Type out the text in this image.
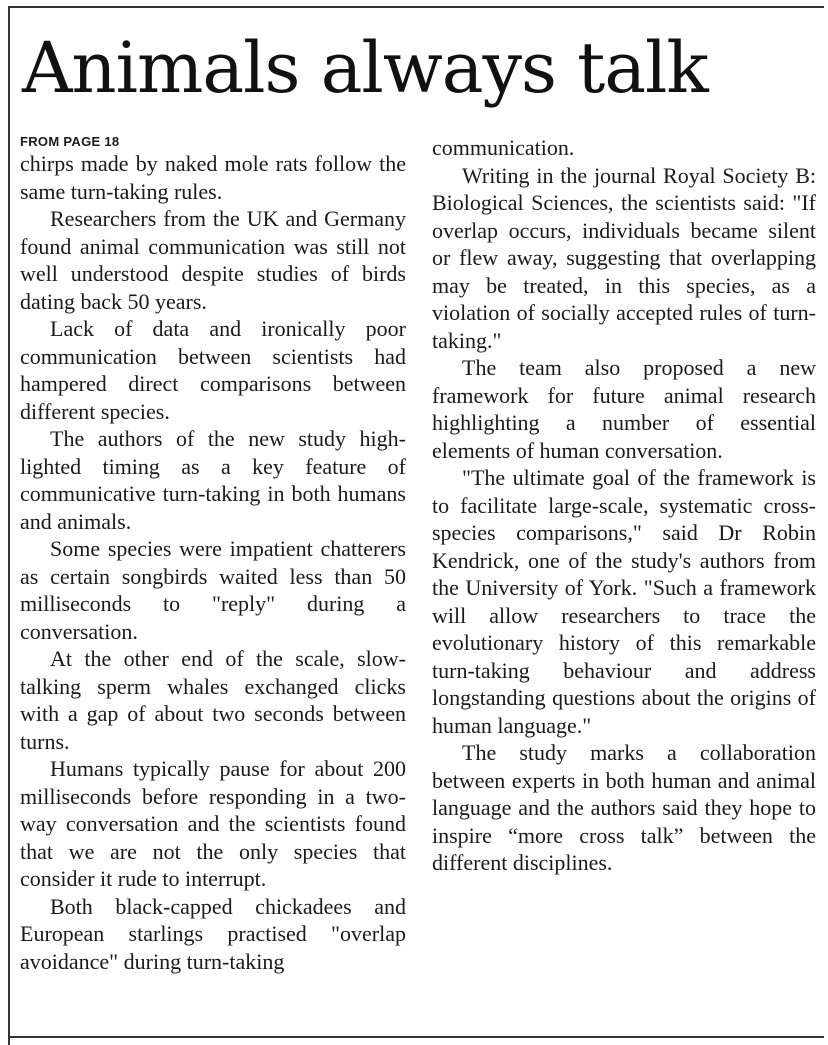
Animals always talk
FROM PAGE 18

chirps made by naked mole rats follow the same turn-taking rules.

Researchers from the UK and Germany found animal communication was still not well understood despite studies of birds dating back 50 years.

Lack of data and ironically poor communication between scientists had hampered direct comparisons between different species.

The authors of the new study highlighted timing as a key feature of communicative turn-taking in both humans and animals.

Some species were impatient chatterers as certain songbirds waited less than 50 milliseconds to "reply" during a conversation.

At the other end of the scale, slow-talking sperm whales exchanged clicks with a gap of about two seconds between turns.

Humans typically pause for about 200 milliseconds before responding in a two-way conversation and the scientists found that we are not the only species that consider it rude to interrupt.

Both black-capped chickadees and European starlings practised "overlap avoidance" during turn-taking

communication.

Writing in the journal Royal Society B: Biological Sciences, the scientists said: "If overlap occurs, individuals became silent or flew away, suggesting that overlapping may be treated, in this species, as a violation of socially accepted rules of turn-taking."

The team also proposed a new framework for future animal research highlighting a number of essential elements of human conversation.

"The ultimate goal of the framework is to facilitate large-scale, systematic cross-species comparisons," said Dr Robin Kendrick, one of the study's authors from the University of York. "Such a framework will allow researchers to trace the evolutionary history of this remarkable turn-taking behaviour and address longstanding questions about the origins of human language."

The study marks a collaboration between experts in both human and animal language and the authors said they hope to inspire “more cross talk” between the different disciplines.
